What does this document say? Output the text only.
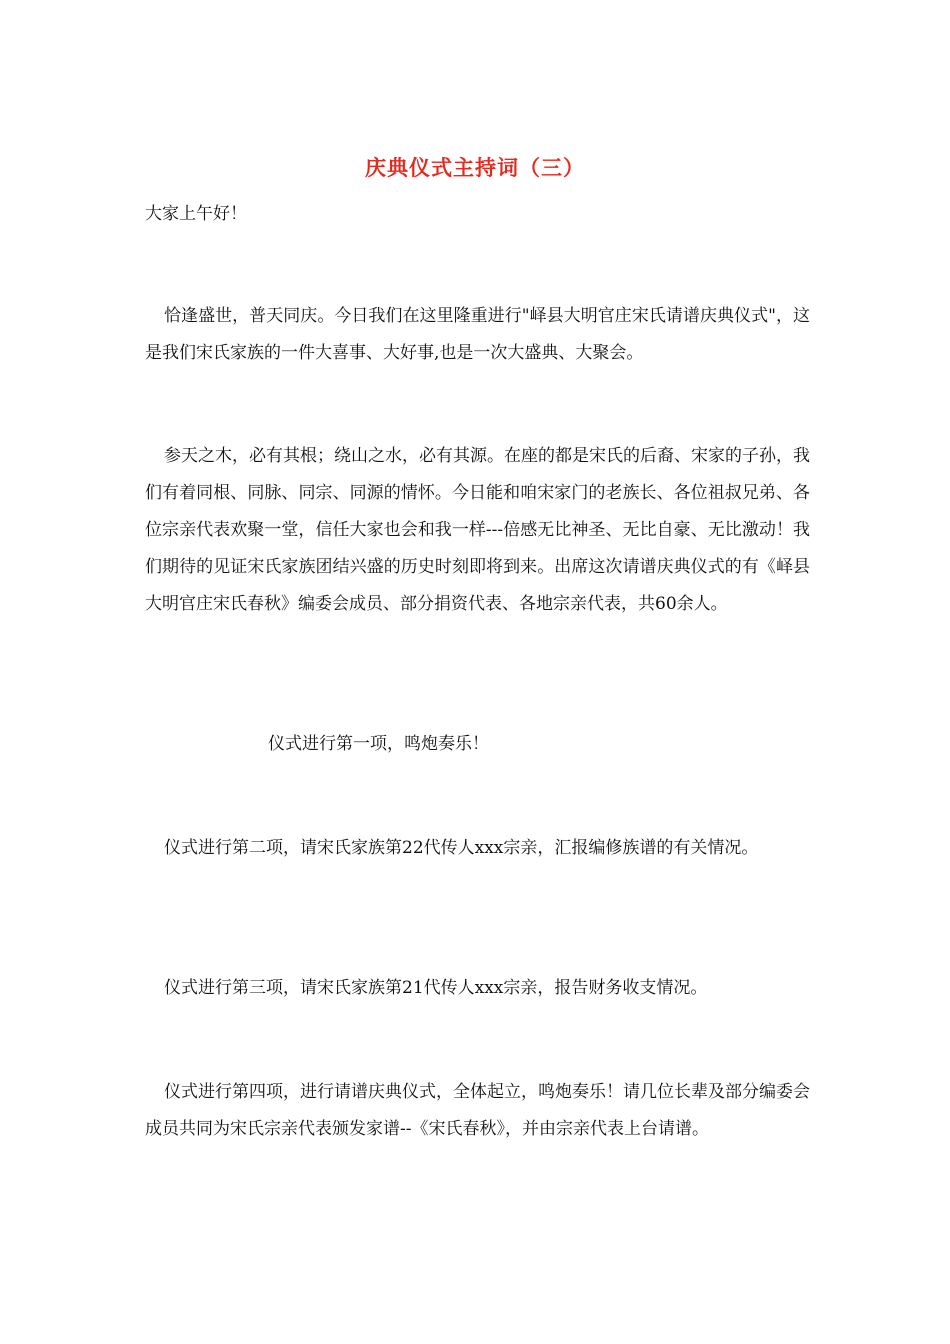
庆典仪式主持词（三）

大家上午好！

恰逢盛世，普天同庆。今日我们在这里隆重进行"峄县大明官庄宋氏请谱庆典仪式"，这是我们宋氏家族的一件大喜事、大好事,也是一次大盛典、大聚会。

参天之木，必有其根；绕山之水，必有其源。在座的都是宋氏的后裔、宋家的子孙，我们有着同根、同脉、同宗、同源的情怀。今日能和咱宋家门的老族长、各位祖叔兄弟、各位宗亲代表欢聚一堂，信任大家也会和我一样---倍感无比神圣、无比自豪、无比激动！我们期待的见证宋氏家族团结兴盛的历史时刻即将到来。出席这次请谱庆典仪式的有《峄县大明官庄宋氏春秋》编委会成员、部分捐资代表、各地宗亲代表，共60余人。

仪式进行第一项，鸣炮奏乐！

仪式进行第二项，请宋氏家族第22代传人xxx宗亲，汇报编修族谱的有关情况。

仪式进行第三项，请宋氏家族第21代传人xxx宗亲，报告财务收支情况。

仪式进行第四项，进行请谱庆典仪式，全体起立，鸣炮奏乐！请几位长辈及部分编委会成员共同为宋氏宗亲代表颁发家谱--《宋氏春秋》，并由宗亲代表上台请谱。
